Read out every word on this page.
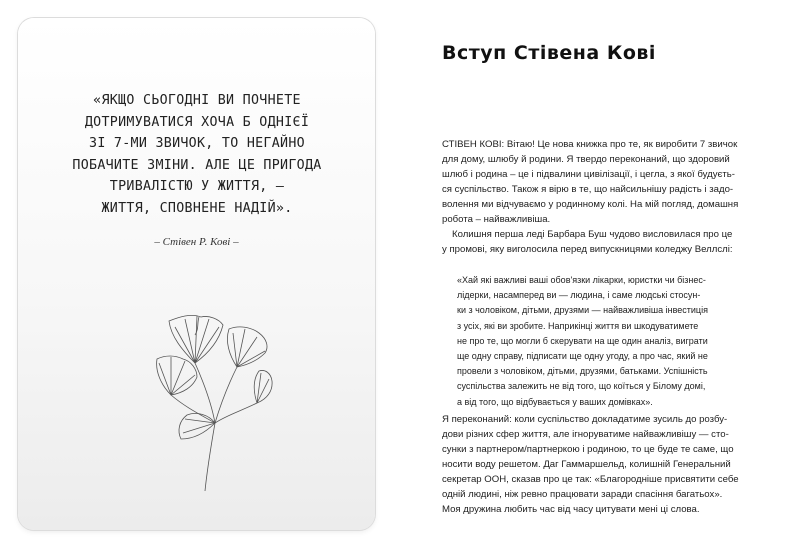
«ЯКЩО СЬОГОДНІ ВИ ПОЧНЕТЕ
ДОТРИМУВАТИСЯ ХОЧА Б ОДНІЄЇ
ЗІ 7-МИ ЗВИЧОК, ТО НЕГАЙНО
ПОБАЧИТЕ ЗМІНИ. АЛЕ ЦЕ ПРИГОДА
ТРИВАЛІСТЮ У ЖИТТЯ, —
ЖИТТЯ, СПОВНЕНЕ НАДІЙ».
– Стівен Р. Кові –
Вступ Стівена Кові
СТІВЕН КОВІ: Вітаю! Це нова книжка про те, як виробити 7 звичок
для дому, шлюбу й родини. Я твердо переконаний, що здоровий
шлюб і родина – це і підвалини цивілізації, і цегла, з якої будуєть-
ся суспільство. Також я вірю в те, що найсильнішу радість і задо-
волення ми відчуваємо у родинному колі. На мій погляд, домашня
робота – найважливіша.
Колишня перша леді Барбара Буш чудово висловилася про це
у промові, яку виголосила перед випускницями коледжу Веллслі:
«Хай які важливі ваші обов'язки лікарки, юристки чи бізнес-
лідерки, насамперед ви — людина, і саме людські стосун-
ки з чоловіком, дітьми, друзями — найважливіша інвестиція
з усіх, які ви зробите. Наприкінці життя ви шкодуватимете
не про те, що могли б скерувати на ще один аналіз, виграти
ще одну справу, підписати ще одну угоду, а про час, який не
провели з чоловіком, дітьми, друзями, батьками. Успішність
суспільства залежить не від того, що коїться у Білому домі,
а від того, що відбувається у ваших домівках».
Я переконаний: коли суспільство докладатиме зусиль до розбу-
дови різних сфер життя, але ігноруватиме найважливішу — сто-
сунки з партнером/партнеркою і родиною, то це буде те саме, що
носити воду решетом. Даг Гаммаршельд, колишній Генеральний
секретар ООН, сказав про це так: «Благородніше присвятити себе
одній людині, ніж ревно працювати заради спасіння багатьох».
Моя дружина любить час від часу цитувати мені ці слова.
